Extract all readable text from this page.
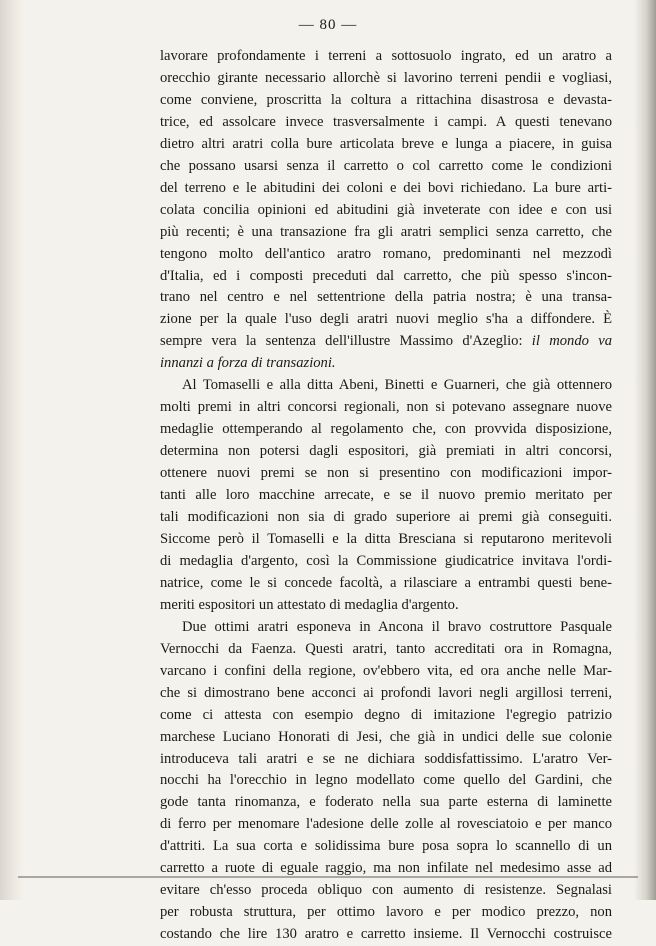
— 80 —
lavorare profondamente i terreni a sottosuolo ingrato, ed un aratro a
orecchio girante necessario allorchè si lavorino terreni pendii e vogliasi,
come conviene, proscritta la coltura a rittachina disastrosa e devasta-
trice, ed assolcare invece trasversalmente i campi. A questi tenevano
dietro altri aratri colla bure articolata breve e lunga a piacere, in guisa
che possano usarsi senza il carretto o col carretto come le condizioni
del terreno e le abitudini dei coloni e dei bovi richiedano. La bure arti-
colata concilia opinioni ed abitudini già inveterate con idee e con usi
più recenti; è una transazione fra gli aratri semplici senza carretto, che
tengono molto dell'antico aratro romano, predominanti nel mezzodì
d'Italia, ed i composti preceduti dal carretto, che più spesso s'incon-
trano nel centro e nel settentrione della patria nostra; è una transa-
zione per la quale l'uso degli aratri nuovi meglio s'ha a diffondere. È
sempre vera la sentenza dell'illustre Massimo d'Azeglio: il mondo va
innanzi a forza di transazioni.
Al Tomaselli e alla ditta Abeni, Binetti e Guarneri, che già ottennero
molti premi in altri concorsi regionali, non si potevano assegnare nuove
medaglie ottemperando al regolamento che, con provvida disposizione,
determina non potersi dagli espositori, già premiati in altri concorsi,
ottenere nuovi premi se non si presentino con modificazioni impor-
tanti alle loro macchine arrecate, e se il nuovo premio meritato per
tali modificazioni non sia di grado superiore ai premi già conseguiti.
Siccome però il Tomaselli e la ditta Bresciana si reputarono meritevoli
di medaglia d'argento, così la Commissione giudicatrice invitava l'ordi-
natrice, come le si concede facoltà, a rilasciare a entrambi questi bene-
meriti espositori un attestato di medaglia d'argento.
Due ottimi aratri esponeva in Ancona il bravo costruttore Pasquale
Vernocchi da Faenza. Questi aratri, tanto accreditati ora in Romagna,
varcano i confini della regione, ov'ebbero vita, ed ora anche nelle Mar-
che si dimostrano bene acconci ai profondi lavori negli argillosi terreni,
come ci attesta con esempio degno di imitazione l'egregio patrizio
marchese Luciano Honorati di Jesi, che già in undici delle sue colonie
introduceva tali aratri e se ne dichiara soddisfattissimo. L'aratro Ver-
nocchi ha l'orecchio in legno modellato come quello del Gardini, che
gode tanta rinomanza, e foderato nella sua parte esterna di laminette
di ferro per menomare l'adesione delle zolle al rovesciatoio e per manco
d'attriti. La sua corta e solidissima bure posa sopra lo scannello di un
carretto a ruote di eguale raggio, ma non infilate nel medesimo asse ad
evitare ch'esso proceda obliquo con aumento di resistenze. Segnalasi
per robusta struttura, per ottimo lavoro e per modico prezzo, non
costando che lire 130 aratro e carretto insieme. Il Vernocchi costruisce
